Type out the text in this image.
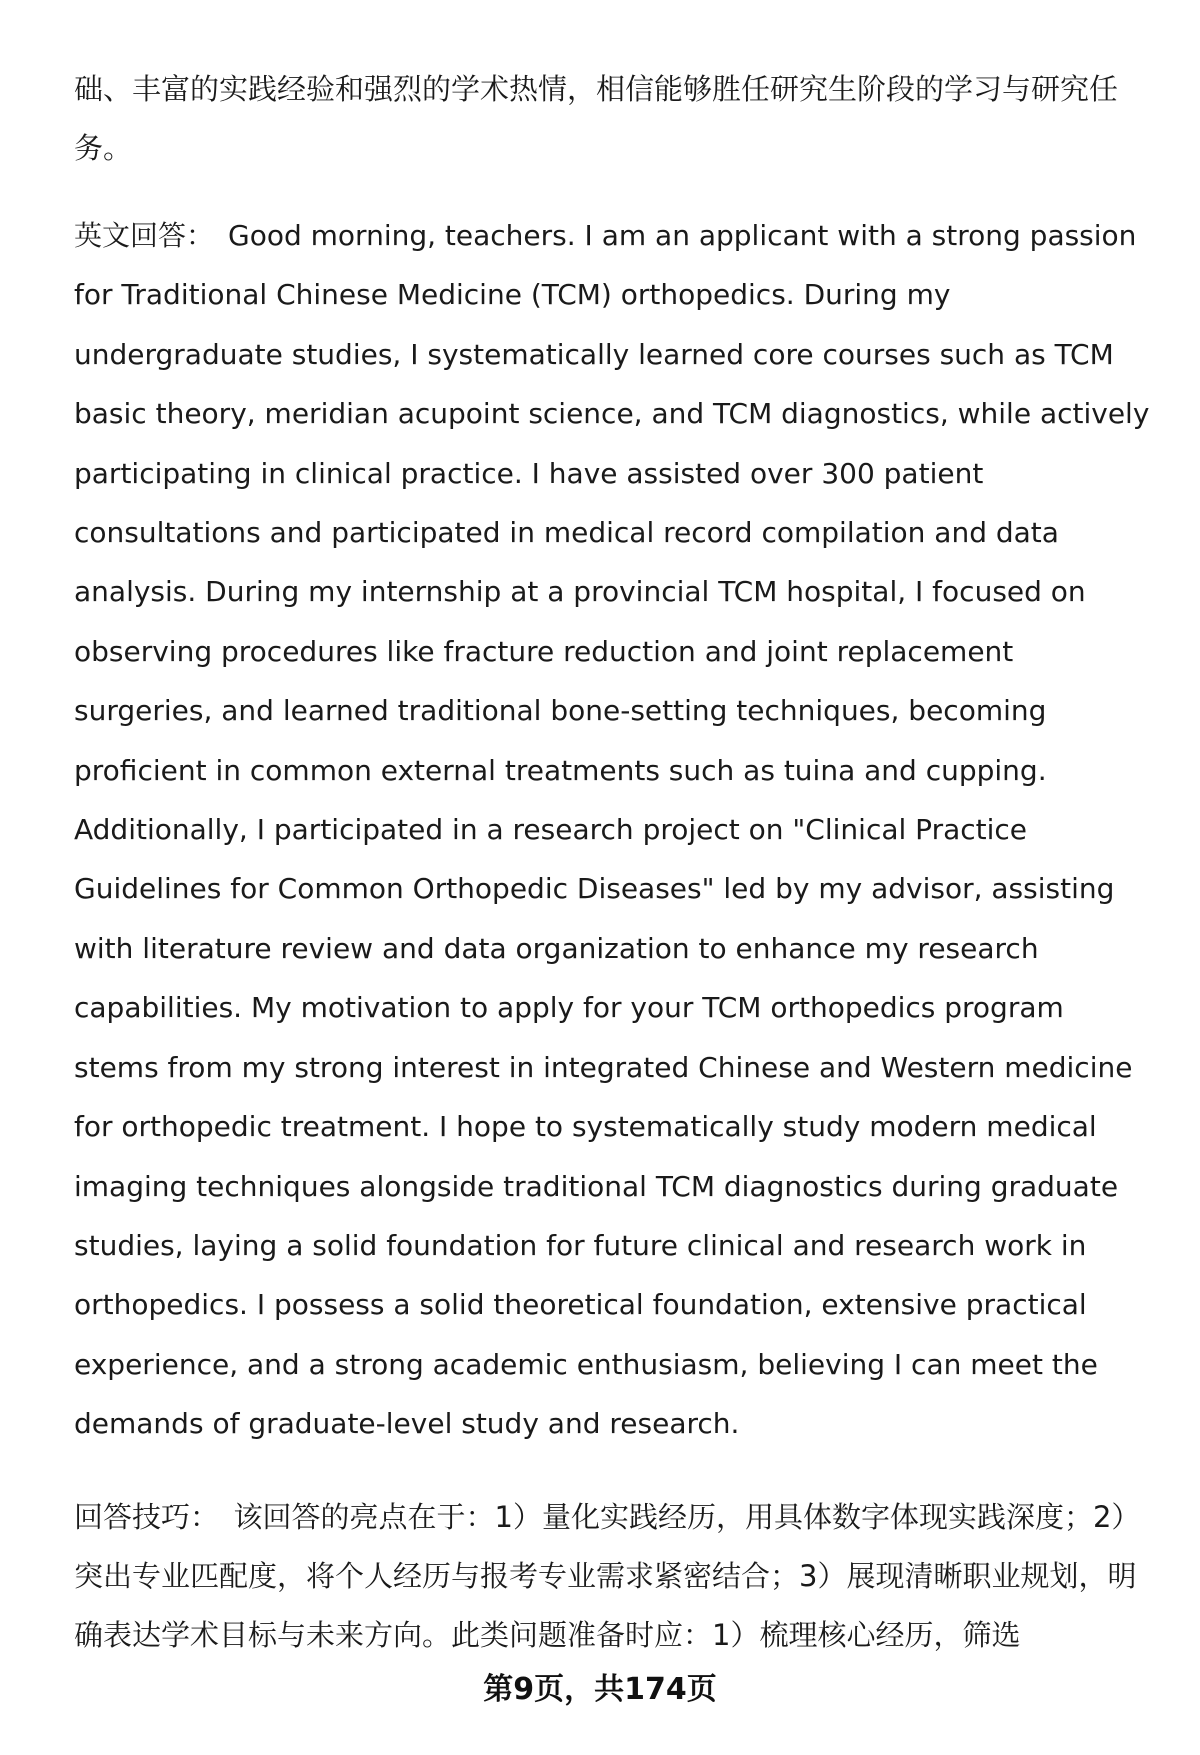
础、丰富的实践经验和强烈的学术热情，相信能够胜任研究生阶段的学习与研究任务。

英文回答： Good morning, teachers. I am an applicant with a strong passion for Traditional Chinese Medicine (TCM) orthopedics. During my undergraduate studies, I systematically learned core courses such as TCM basic theory, meridian acupoint science, and TCM diagnostics, while actively participating in clinical practice. I have assisted over 300 patient consultations and participated in medical record compilation and data analysis. During my internship at a provincial TCM hospital, I focused on observing procedures like fracture reduction and joint replacement surgeries, and learned traditional bone-setting techniques, becoming proficient in common external treatments such as tuina and cupping. Additionally, I participated in a research project on "Clinical Practice Guidelines for Common Orthopedic Diseases" led by my advisor, assisting with literature review and data organization to enhance my research capabilities. My motivation to apply for your TCM orthopedics program stems from my strong interest in integrated Chinese and Western medicine for orthopedic treatment. I hope to systematically study modern medical imaging techniques alongside traditional TCM diagnostics during graduate studies, laying a solid foundation for future clinical and research work in orthopedics. I possess a solid theoretical foundation, extensive practical experience, and a strong academic enthusiasm, believing I can meet the demands of graduate-level study and research.

回答技巧： 该回答的亮点在于：1）量化实践经历，用具体数字体现实践深度；2）突出专业匹配度，将个人经历与报考专业需求紧密结合；3）展现清晰职业规划，明确表达学术目标与未来方向。此类问题准备时应：1）梳理核心经历，筛选

第9页，共174页
